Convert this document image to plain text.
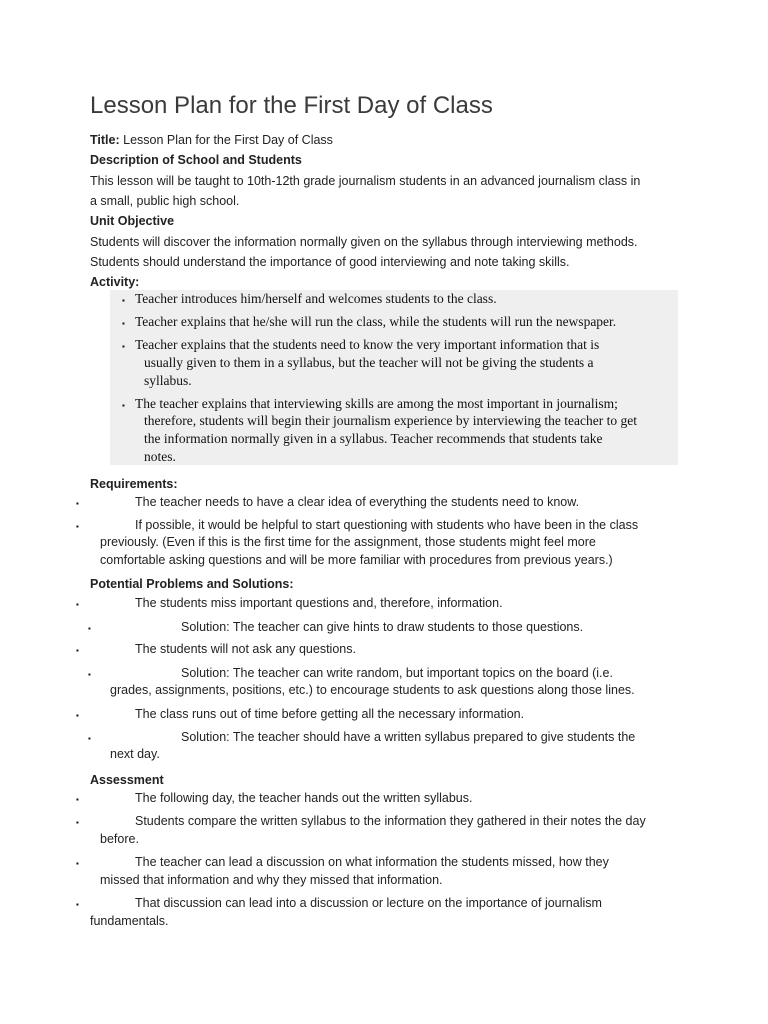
Lesson Plan for the First Day of Class
Title: Lesson Plan for the First Day of Class
Description of School and Students
This lesson will be taught to 10th-12th grade journalism students in an advanced journalism class in
a small, public high school.
Unit Objective
Students will discover the information normally given on the syllabus through interviewing methods.
Students should understand the importance of good interviewing and note taking skills.
Activity:
▪ Teacher introduces him/herself and welcomes students to the class.
▪ Teacher explains that he/she will run the class, while the students will run the newspaper.
▪ Teacher explains that the students need to know the very important information that is
usually given to them in a syllabus, but the teacher will not be giving the students a
syllabus.
▪ The teacher explains that interviewing skills are among the most important in journalism;
therefore, students will begin their journalism experience by interviewing the teacher to get
the information normally given in a syllabus. Teacher recommends that students take
notes.
Requirements:
▪	The teacher needs to have a clear idea of everything the students need to know.
▪	If possible, it would be helpful to start questioning with students who have been in the class
previously. (Even if this is the first time for the assignment, those students might feel more
comfortable asking questions and will be more familiar with procedures from previous years.)
Potential Problems and Solutions:
▪	The students miss important questions and, therefore, information.
▪	Solution: The teacher can give hints to draw students to those questions.
▪	The students will not ask any questions.
▪	Solution: The teacher can write random, but important topics on the board (i.e.
grades, assignments, positions, etc.) to encourage students to ask questions along those lines.
▪	The class runs out of time before getting all the necessary information.
▪	Solution: The teacher should have a written syllabus prepared to give students the
next day.
Assessment
▪	The following day, the teacher hands out the written syllabus.
▪	Students compare the written syllabus to the information they gathered in their notes the day
before.
▪	The teacher can lead a discussion on what information the students missed, how they
missed that information and why they missed that information.
▪	That discussion can lead into a discussion or lecture on the importance of journalism
fundamentals.
